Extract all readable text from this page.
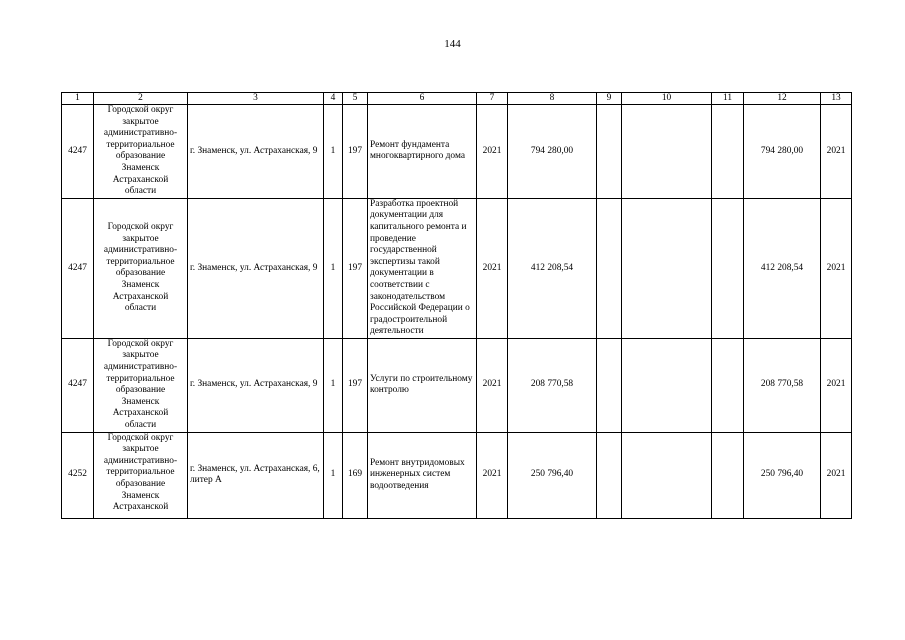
144
1	2	3	4	5	6	7	8	9	10	11	12	13
4247	Городской округ закрытое административно-территориальное образование Знаменск Астраханской области	г. Знаменск, ул. Астраханская, 9	1	197	Ремонт фундамента многоквартирного дома	2021	794 280,00				794 280,00	2021
4247	Городской округ закрытое административно-территориальное образование Знаменск Астраханской области	г. Знаменск, ул. Астраханская, 9	1	197	Разработка проектной документации для капитального ремонта и проведение государственной экспертизы такой документации в соответствии с законодательством Российской Федерации о градостроительной деятельности	2021	412 208,54				412 208,54	2021
4247	Городской округ закрытое административно-территориальное образование Знаменск Астраханской области	г. Знаменск, ул. Астраханская, 9	1	197	Услуги по строительному контролю	2021	208 770,58				208 770,58	2021
4252	Городской округ закрытое административно-территориальное образование Знаменск Астраханской	г. Знаменск, ул. Астраханская, 6, литер А	1	169	Ремонт внутридомовых инженерных систем водоотведения	2021	250 796,40				250 796,40	2021
